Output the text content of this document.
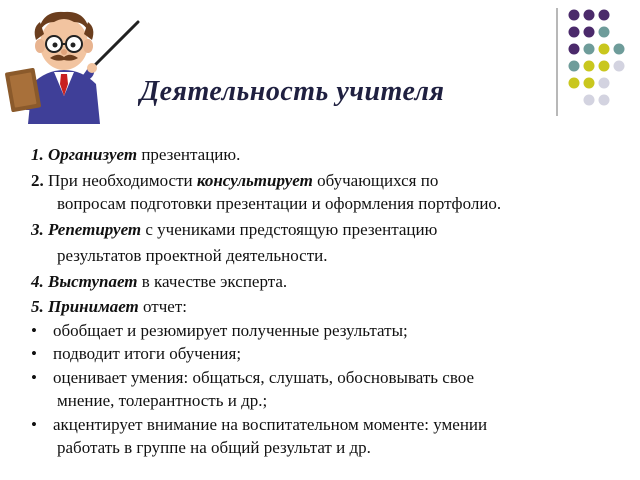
Деятельность учителя
1. Организует презентацию.
2. При необходимости консультирует обучающихся по
вопросам подготовки презентации и оформления портфолио.
3. Репетирует с учениками предстоящую презентацию
результатов проектной деятельности.
4. Выступает в качестве эксперта.
5. Принимает отчет:
• обобщает и резюмирует полученные результаты;
• подводит итоги обучения;
• оценивает умения: общаться, слушать, обосновывать свое
мнение, толерантность и др.;
• акцентирует внимание на воспитательном моменте: умении
работать в группе на общий результат и др.
